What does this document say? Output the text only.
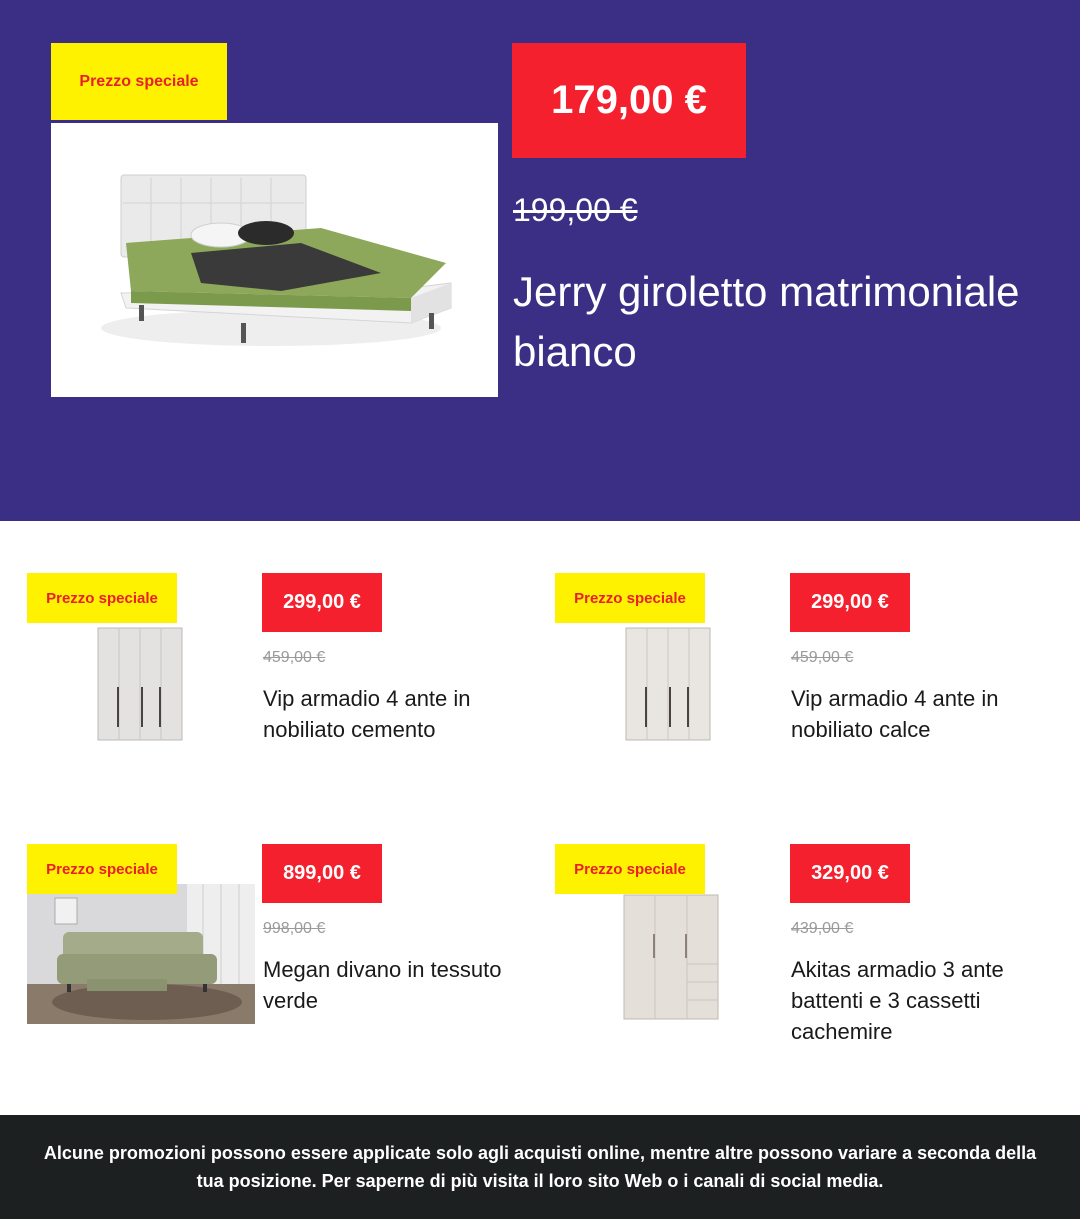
Prezzo speciale	179,00 €
199,00 €
Jerry giroletto matrimoniale bianco
Prezzo speciale	299,00 €
459,00 €
Vip armadio 4 ante in nobiliato cemento
Prezzo speciale	299,00 €
459,00 €
Vip armadio 4 ante in nobiliato calce
Prezzo speciale	899,00 €
998,00 €
Megan divano in tessuto verde
Prezzo speciale	329,00 €
439,00 €
Akitas armadio 3 ante battenti e 3 cassetti cachemire
Alcune promozioni possono essere applicate solo agli acquisti online, mentre altre possono variare a seconda della tua posizione. Per saperne di più visita il loro sito Web o i canali di social media.
